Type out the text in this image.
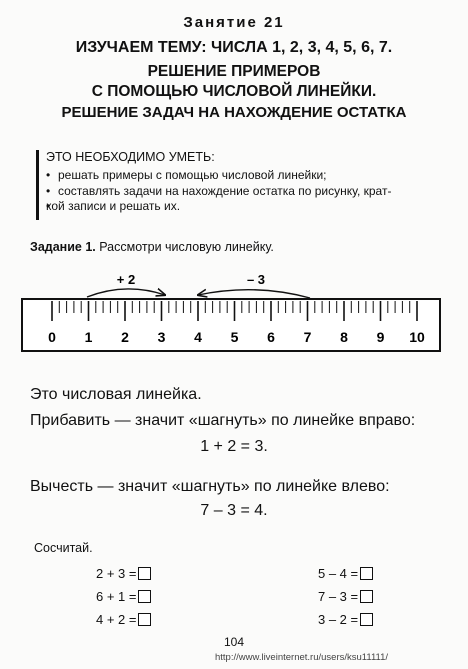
Занятие 21
ИЗУЧАЕМ ТЕМУ: ЧИСЛА 1, 2, 3, 4, 5, 6, 7.
РЕШЕНИЕ ПРИМЕРОВ
С ПОМОЩЬЮ ЧИСЛОВОЙ ЛИНЕЙКИ.
РЕШЕНИЕ ЗАДАЧ НА НАХОЖДЕНИЕ ОСТАТКА
ЭТО НЕОБХОДИМО УМЕТЬ:
• решать примеры с помощью числовой линейки;
• составлять задачи на нахождение остатка по рисунку, крат-
• кой записи и решать их.
Задание 1. Рассмотри числовую линейку.
+ 2	– 3
0 1 2 3 4 5 6 7 8 9 10
Это числовая линейка.
Прибавить — значит «шагнуть» по линейке вправо:
1 + 2 = 3.
Вычесть — значит «шагнуть» по линейке влево:
7 – 3 = 4.
Сосчитай.
2 + 3 =
6 + 1 =
4 + 2 =
5 – 4 =
7 – 3 =
3 – 2 =
104
http://www.liveinternet.ru/users/ksu11111/
